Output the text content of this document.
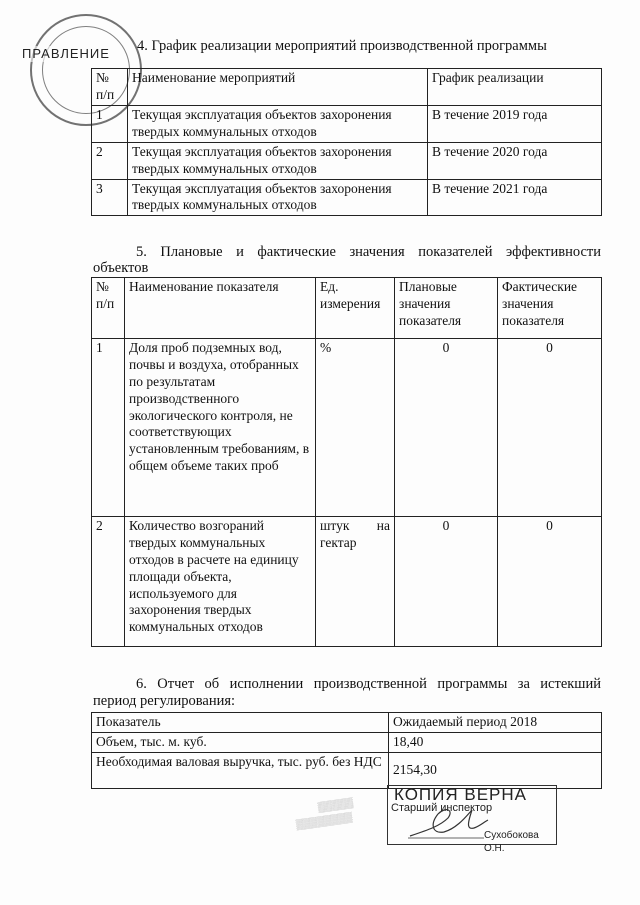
ПРАВЛЕНИЕ 4. График реализации мероприятий производственной программы
№ п/п	Наименование мероприятий	График реализации
1	Текущая эксплуатация объектов захоронения твердых коммунальных отходов	В течение 2019 года
2	Текущая эксплуатация объектов захоронения твердых коммунальных отходов	В течение 2020 года
3	Текущая эксплуатация объектов захоронения твердых коммунальных отходов	В течение 2021 года
5. Плановые и фактические значения показателей эффективности
объектов
№ п/п	Наименование показателя	Ед. измерения	Плановые значения показателя	Фактические значения показателя
1	Доля проб подземных вод, почвы и воздуха, отобранных по результатам производственного экологического контроля, не соответствующих установленным требованиям, в общем объеме таких проб	%	0	0
2	Количество возгораний твердых коммунальных отходов в расчете на единицу площади объекта, используемого для захоронения твердых коммунальных отходов	штук на гектар	0	0
6. Отчет об исполнении производственной программы за истекший
период регулирования:
Показатель	Ожидаемый период 2018
Объем, тыс. м. куб.	18,40
Необходимая валовая выручка, тыс. руб. без НДС	2154,30
▒▒▒▒▒
▒▒▒▒▒▒▒▒
КОПИЯ ВЕРНА
Старший инспектор
Сухобокова О.Н.
